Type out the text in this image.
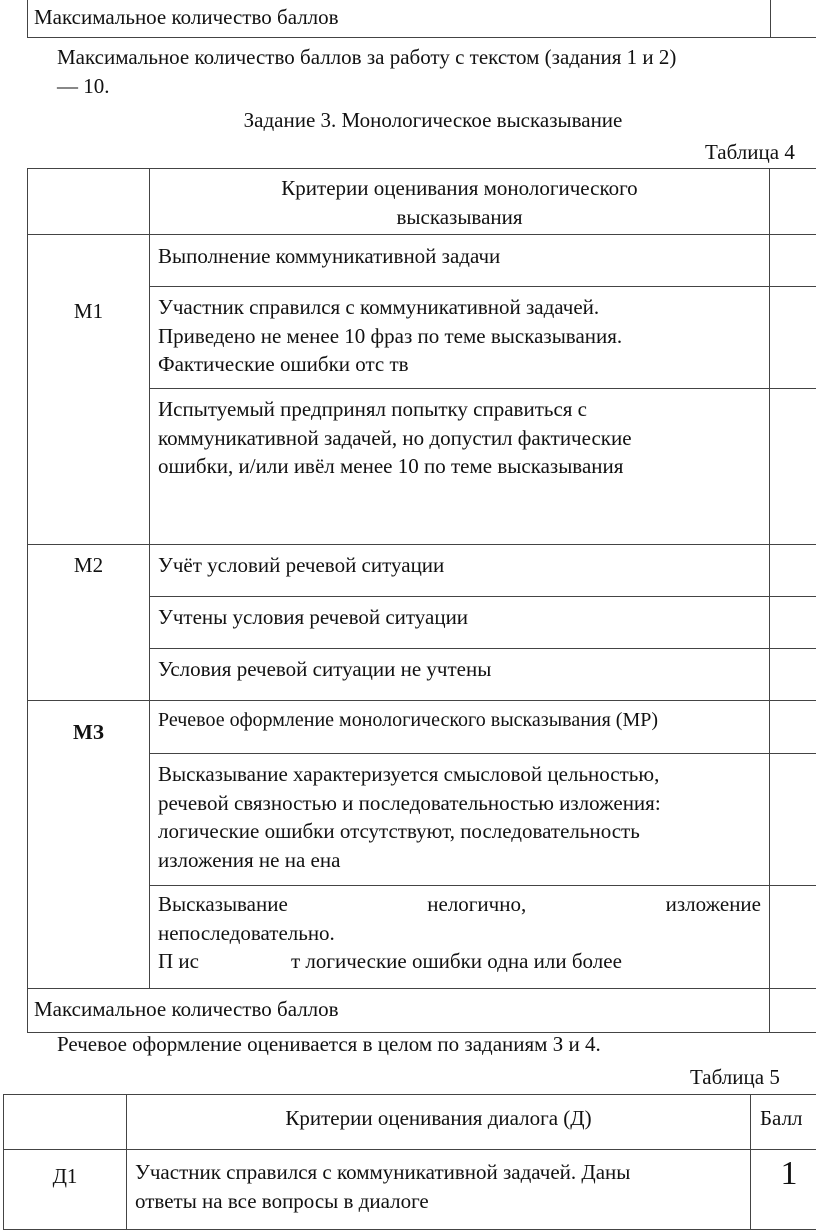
Максимальное количество баллов	

Максимальное количество баллов за работу с текстом (задания 1 и 2)
— 10.

Задание 3. Монологическое высказывание

Таблица 4

	Критерии оценивания монологического
высказывания	
	Выполнение коммуникативной задачи	
М1	Участник справился с коммуникативной задачей.
Приведено не менее 10 фраз по теме высказывания.
Фактические ошибки отс тв	
	Испытуемый предпринял попытку справиться с
коммуникативной задачей, но допустил фактические
ошибки, и/или ивёл менее 10 по теме высказывания	
М2	Учёт условий речевой ситуации	
	Учтены условия речевой ситуации	
	Условия речевой ситуации не учтены	
МЗ	Речевое оформление монологического высказывания (МР)	
	Высказывание характеризуется смысловой цельностью,
речевой связностью и последовательностью изложения:
логические ошибки отсутствуют, последовательность
изложения не на ена	

	Высказывание нелогично, изложение
непоследовательно.
П ис т логические ошибки одна или более	

Максимальное количество баллов		

Речевое оформление оценивается в целом по заданиям З и 4.

Таблица 5

	Критерии оценивания диалога (Д)	Балл
Д1	Участник справился с коммуникативной задачей. Даны
ответы на все вопросы в диалоге	1
